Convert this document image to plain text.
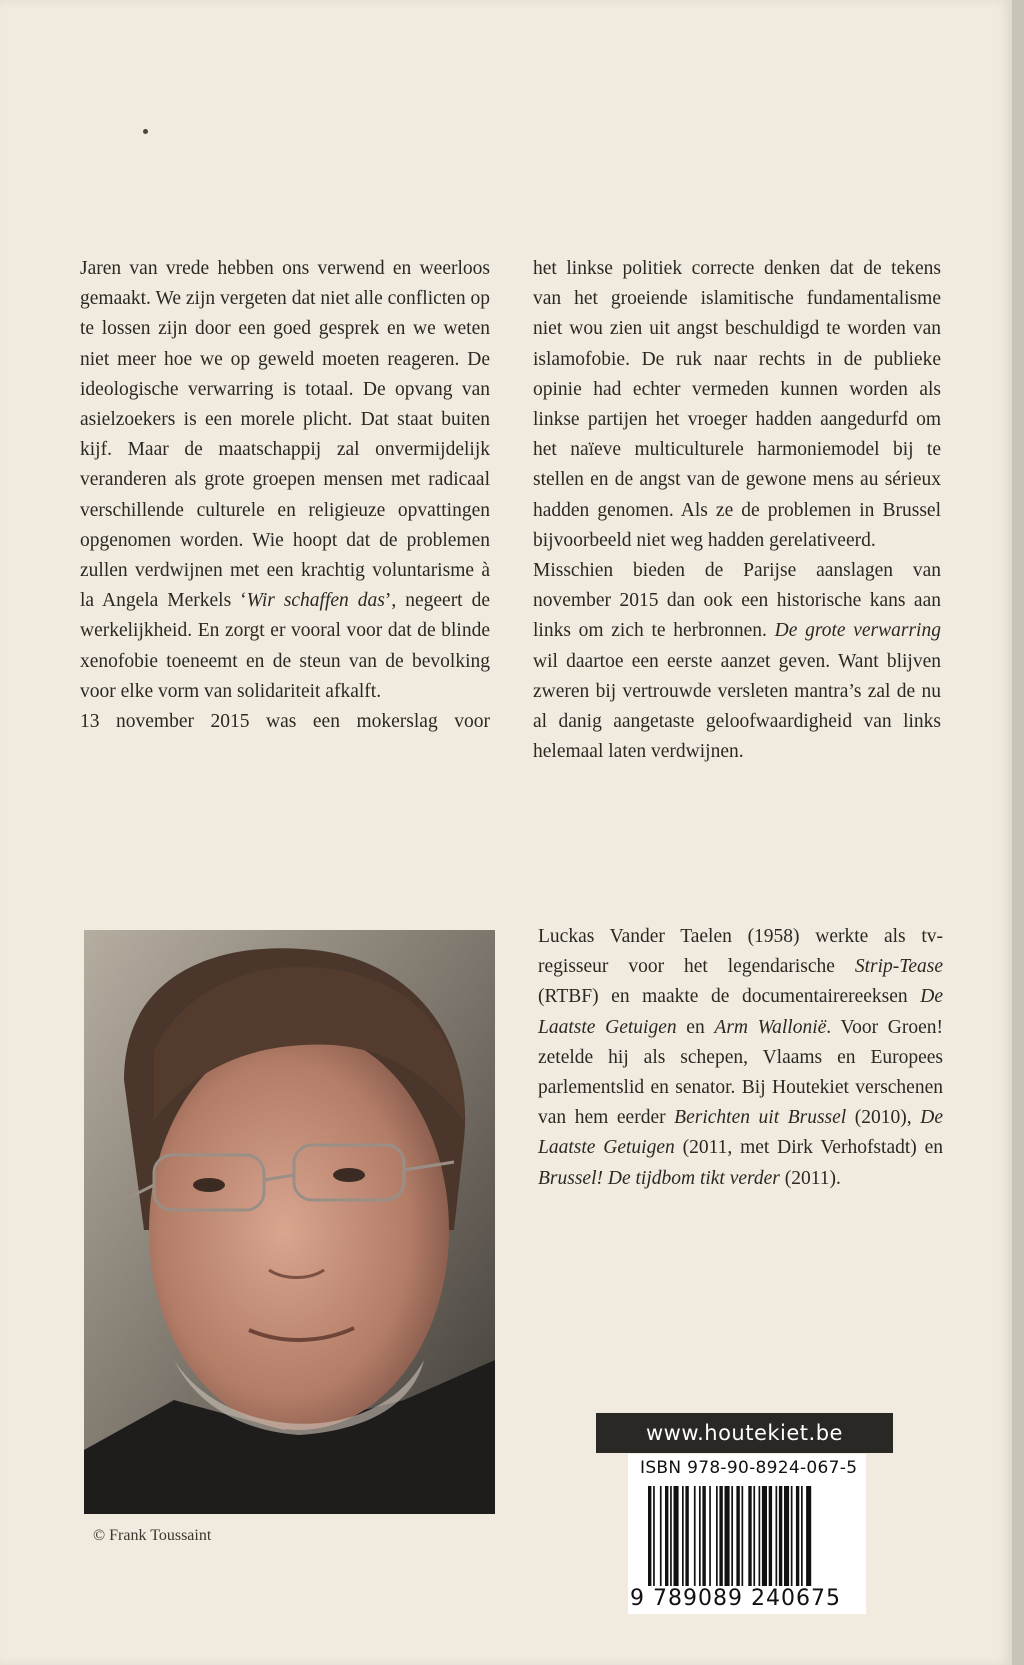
Jaren van vrede hebben ons verwend en weerloos gemaakt. We zijn vergeten dat niet alle conflicten op te lossen zijn door een goed gesprek en we weten niet meer hoe we op geweld moeten reageren. De ideologische verwarring is totaal. De opvang van asielzoekers is een morele plicht. Dat staat buiten kijf. Maar de maatschappij zal onvermijdelijk veranderen als grote groepen mensen met radicaal verschillende culturele en religieuze opvattingen opgenomen worden. Wie hoopt dat de problemen zullen verdwijnen met een krachtig voluntarisme à la Angela Merkels ‘Wir schaffen das’, negeert de werkelijkheid. En zorgt er vooral voor dat de blinde xenofobie toeneemt en de steun van de bevolking voor elke vorm van solidariteit afkalft.

13 november 2015 was een mokerslag voor

het linkse politiek correcte denken dat de tekens van het groeiende islamitische fundamentalisme niet wou zien uit angst beschuldigd te worden van islamofobie. De ruk naar rechts in de publieke opinie had echter vermeden kunnen worden als linkse partijen het vroeger hadden aangedurfd om het naïeve multiculturele harmoniemodel bij te stellen en de angst van de gewone mens au sérieux hadden genomen. Als ze de problemen in Brussel bijvoorbeeld niet weg hadden gerelativeerd.

Misschien bieden de Parijse aanslagen van november 2015 dan ook een historische kans aan links om zich te herbronnen. De grote verwarring wil daartoe een eerste aanzet geven. Want blijven zweren bij vertrouwde versleten mantra’s zal de nu al danig aangetaste geloofwaardigheid van links helemaal laten verdwijnen.

© Frank Toussaint

Luckas Vander Taelen (1958) werkte als tv-regisseur voor het legendarische Strip-Tease (RTBF) en maakte de documentairereeksen De Laatste Getuigen en Arm Wallonië. Voor Groen! zetelde hij als schepen, Vlaams en Europees parlementslid en senator. Bij Houtekiet verschenen van hem eerder Berichten uit Brussel (2010), De Laatste Getuigen (2011, met Dirk Verhofstadt) en Brussel! De tijdbom tikt verder (2011).

www.houtekiet.be
ISBN 978-90-8924-067-5
9 789089 240675
